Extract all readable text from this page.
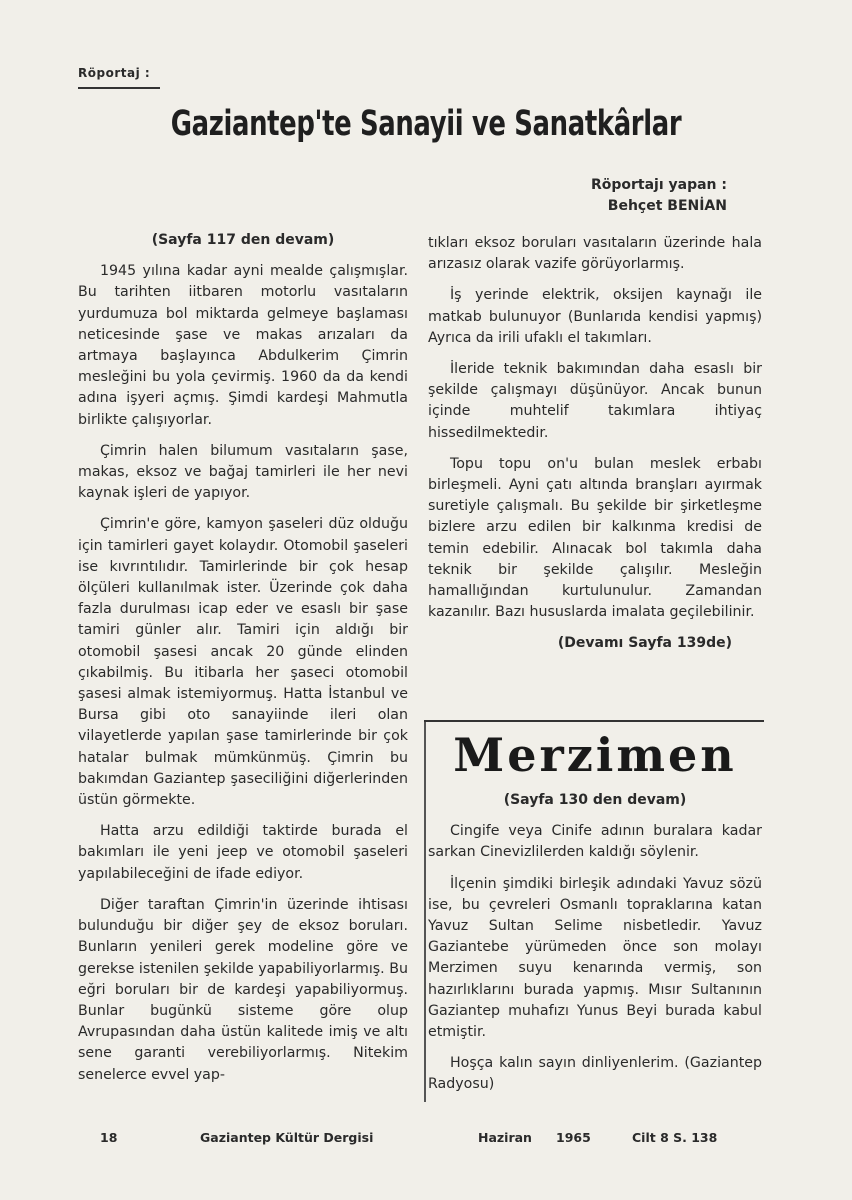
Röportaj :
Gaziantep'te Sanayii ve Sanatkârlar
Röportajı yapan :
Behçet BENİAN

(Sayfa 117 den devam)

1945 yılına kadar ayni mealde çalışmışlar. Bu tarihten iitbaren motorlu vasıtaların yurdumuza bol miktarda gelmeye başlaması neticesinde şase ve makas arızaları da artmaya başlayınca Abdulkerim Çimrin mesleğini bu yola çevirmiş. 1960 da da kendi adına işyeri açmış. Şimdi kardeşi Mahmutla birlikte çalışıyorlar.

Çimrin halen bilumum vasıtaların şase, makas, eksoz ve bağaj tamirleri ile her nevi kaynak işleri de yapıyor.

Çimrin'e göre, kamyon şaseleri düz olduğu için tamirleri gayet kolaydır. Otomobil şaseleri ise kıvrıntılıdır. Tamirlerinde bir çok hesap ölçüleri kullanılmak ister. Üzerinde çok daha fazla durulması icap eder ve esaslı bir şase tamiri günler alır. Tamiri için aldığı bir otomobil şasesi ancak 20 günde elinden çıkabilmiş. Bu itibarla her şaseci otomobil şasesi almak istemiyormuş. Hatta İstanbul ve Bursa gibi oto sanayiinde ileri olan vilayetlerde yapılan şase tamirlerinde bir çok hatalar bulmak mümkünmüş. Çimrin bu bakımdan Gaziantep şaseciliğini diğerlerinden üstün görmekte.

Hatta arzu edildiği taktirde burada el bakımları ile yeni jeep ve otomobil şaseleri yapılabileceğini de ifade ediyor.

Diğer taraftan Çimrin'in üzerinde ihtisası bulunduğu bir diğer şey de eksoz boruları. Bunların yenileri gerek modeline göre ve gerekse istenilen şekilde yapabiliyorlarmış. Bu eğri boruları bir de kardeşi yapabiliyormuş. Bunlar bugünkü sisteme göre olup Avrupasından daha üstün kalitede imiş ve altı sene garanti verebiliyorlarmış. Nitekim senelerce evvel yap-

tıkları eksoz boruları vasıtaların üzerinde hala arızasız olarak vazife görüyorlarmış.

İş yerinde elektrik, oksijen kaynağı ile matkab bulunuyor (Bunlarıda kendisi yapmış) Ayrıca da irili ufaklı el takımları.

İleride teknik bakımından daha esaslı bir şekilde çalışmayı düşünüyor. Ancak bunun içinde muhtelif takımlara ihtiyaç hissedilmektedir.

Topu topu on'u bulan meslek erbabı birleşmeli. Ayni çatı altında branşları ayırmak suretiyle çalışmalı. Bu şekilde bir şirketleşme bizlere arzu edilen bir kalkınma kredisi de temin edebilir. Alınacak bol takımla daha teknik bir şekilde çalışılır. Mesleğin hamallığından kurtulunulur. Zamandan kazanılır. Bazı hususlarda imalata geçilebilinir.

(Devamı Sayfa 139de)

Merzimen

(Sayfa 130 den devam)

Cingife veya Cinife adının buralara kadar sarkan Cinevizlilerden kaldığı söylenir.

İlçenin şimdiki birleşik adındaki Yavuz sözü ise, bu çevreleri Osmanlı topraklarına katan Yavuz Sultan Selime nisbetledir. Yavuz Gaziantebe yürümeden önce son molayı Merzimen suyu kenarında vermiş, son hazırlıklarını burada yapmış. Mısır Sultanının Gaziantep muhafızı Yunus Beyi burada kabul etmiştir.

Hoşça kalın sayın dinliyenlerim. (Gaziantep Radyosu)

18	Gaziantep Kültür Dergisi	Haziran 1965	Cilt 8 S. 138
